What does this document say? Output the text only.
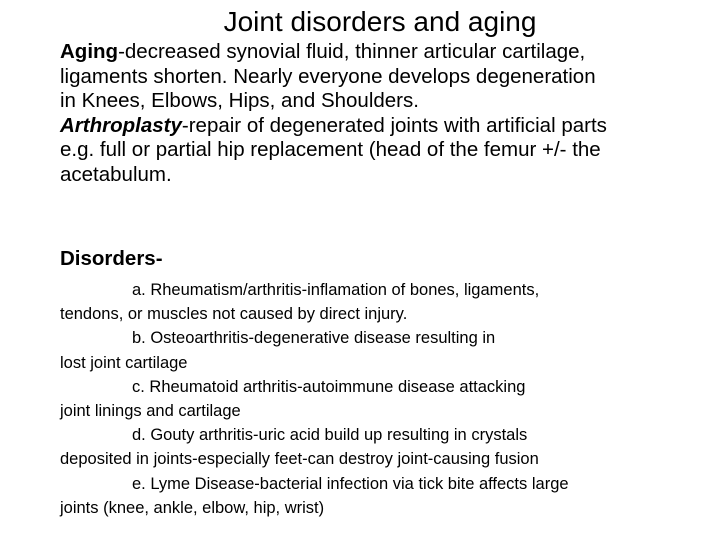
Joint disorders and aging
Aging-decreased synovial fluid, thinner articular cartilage,
ligaments shorten. Nearly everyone develops degeneration
in Knees, Elbows, Hips, and Shoulders.
Arthroplasty-repair of degenerated joints with artificial parts
e.g. full or partial hip replacement (head of the femur +/- the
acetabulum.
Disorders-
a. Rheumatism/arthritis-inflamation of bones, ligaments,
tendons, or muscles not caused by direct injury.
b. Osteoarthritis-degenerative disease resulting in
lost joint cartilage
c. Rheumatoid arthritis-autoimmune disease attacking
joint linings and cartilage
d. Gouty arthritis-uric acid build up resulting in crystals
deposited in joints-especially feet-can destroy joint-causing fusion
e. Lyme Disease-bacterial infection via tick bite affects large
joints (knee, ankle, elbow, hip, wrist)
